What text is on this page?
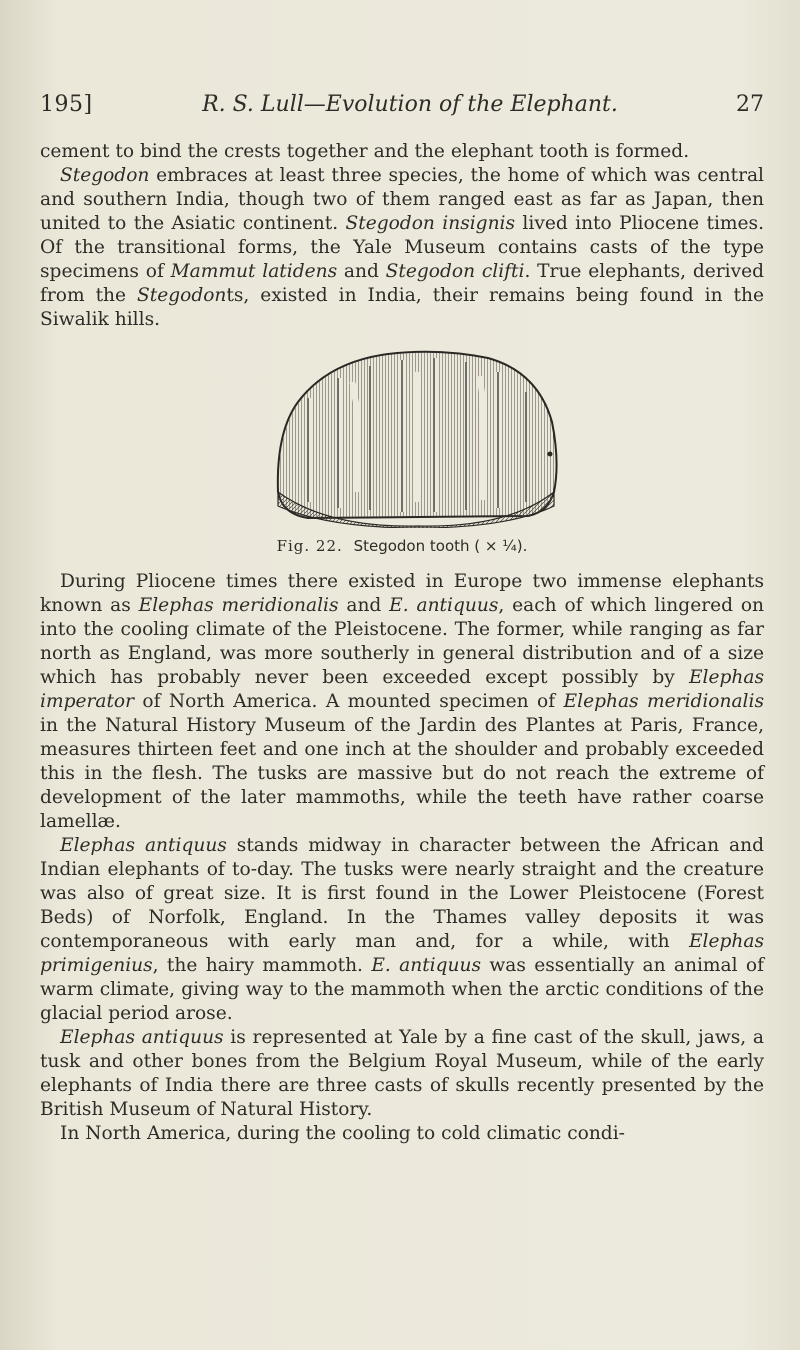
195]	R. S. Lull—Evolution of the Elephant.	27

cement to bind the crests together and the elephant tooth is formed.

Stegodon embraces at least three species, the home of which was central and southern India, though two of them ranged east as far as Japan, then united to the Asiatic continent. Stegodon insignis lived into Pliocene times. Of the transitional forms, the Yale Museum contains casts of the type specimens of Mammut latidens and Stegodon clifti. True elephants, derived from the Stegodonts, existed in India, their remains being found in the Siwalik hills.

Fig. 22. Stegodon tooth ( × ¼).

During Pliocene times there existed in Europe two immense elephants known as Elephas meridionalis and E. antiquus, each of which lingered on into the cooling climate of the Pleistocene. The former, while ranging as far north as England, was more southerly in general distribution and of a size which has probably never been exceeded except possibly by Elephas imperator of North America. A mounted specimen of Elephas meridionalis in the Natural History Museum of the Jardin des Plantes at Paris, France, measures thirteen feet and one inch at the shoulder and probably exceeded this in the flesh. The tusks are massive but do not reach the extreme of development of the later mammoths, while the teeth have rather coarse lamellæ.

Elephas antiquus stands midway in character between the African and Indian elephants of to-day. The tusks were nearly straight and the creature was also of great size. It is first found in the Lower Pleistocene (Forest Beds) of Norfolk, England. In the Thames valley deposits it was contemporaneous with early man and, for a while, with Elephas primigenius, the hairy mammoth. E. antiquus was essentially an animal of warm climate, giving way to the mammoth when the arctic conditions of the glacial period arose.

Elephas antiquus is represented at Yale by a fine cast of the skull, jaws, a tusk and other bones from the Belgium Royal Museum, while of the early elephants of India there are three casts of skulls recently presented by the British Museum of Natural History.

In North America, during the cooling to cold climatic condi-
